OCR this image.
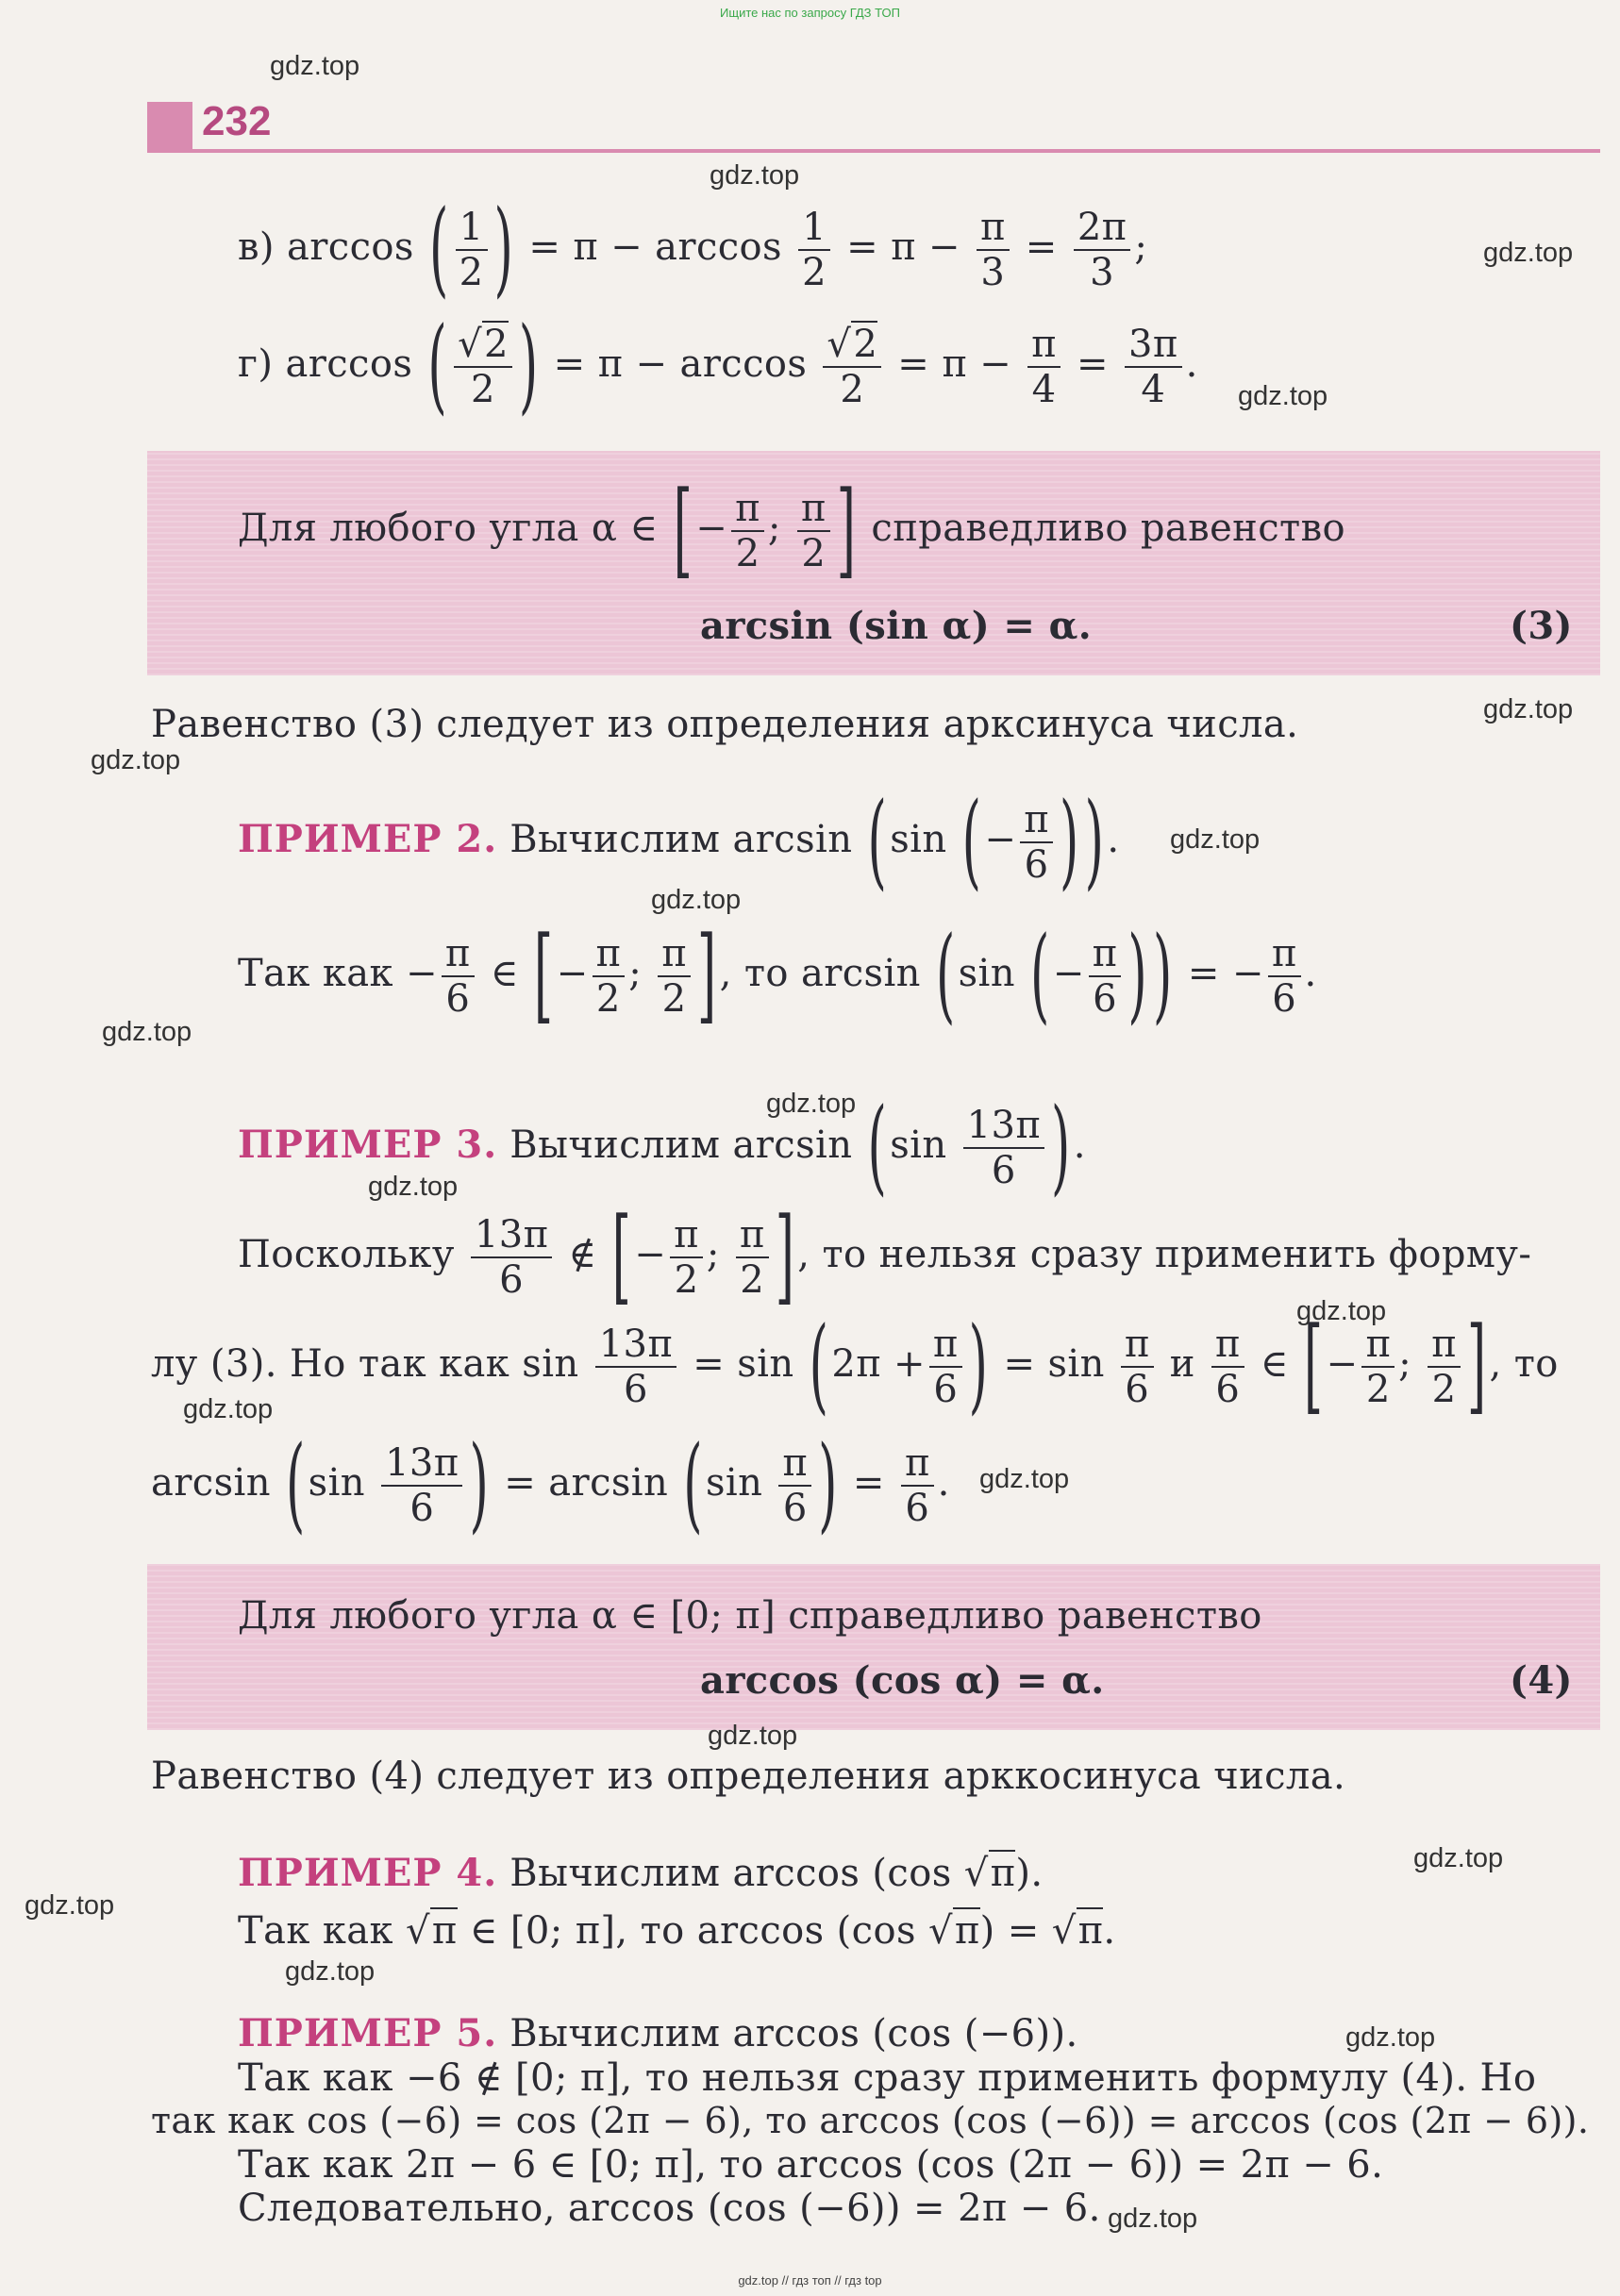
Ищите нас по запросу ГДЗ ТОП
232
в) arccos ( $\frac{1}{2}$ ) = $\pi - \arccos \frac{1}{2} = \pi - \frac{\pi}{3} = \frac{2\pi}{3}$ ;
г) arccos ( $\frac{√2}{2}$ ) = $\pi - \arccos \frac{√2}{2} = \pi - \frac{\pi}{4} = \frac{3\pi}{4}$ .
Для любого угла α ∈ [− $\frac{\pi}{2}$ ; $\frac{\pi}{2}$ ] справедливо равенство
arcsin (sin α) = α.	(3)
Равенство (3) следует из определения арксинуса числа.
ПРИМЕР 2. Вычислим arcsin (sin (− $\frac{\pi}{6}$ ) ).
Так как − $\frac{\pi}{6}$ ∈ [− $\frac{\pi}{2}$ ; $\frac{\pi}{2}$ ], то arcsin (sin (− $\frac{\pi}{6}$ ) ) = − $\frac{\pi}{6}$ .
ПРИМЕР 3. Вычислим $\arcsin (\sin \frac{13\pi}{6}$ ).
Поскольку $\frac{13\pi}{6}$ ∉ [− $\frac{\pi}{2}$ ; $\frac{\pi}{2}$ ], то нельзя сразу применить форму-
лу (3). Но так как $\sin \frac{13\pi}{6} = \sin (2\pi + \frac{\pi}{6}$ ) = $\sin \frac{\pi}{6}$ и $\frac{\pi}{6}$ ∈ [− $\frac{\pi}{2}$ ; $\frac{\pi}{2}$ ], то
$\arcsin (\sin \frac{13\pi}{6}$ ) = $\arcsin (\sin \frac{\pi}{6}$ ) = $\frac{\pi}{6}$ .
Для любого угла α ∈ [0; π] справедливо равенство
arccos (cos α) = α.	(4)
Равенство (4) следует из определения арккосинуса числа.
ПРИМЕР 4. Вычислим arccos (cos √π).
Так как √π ∈ [0; π], то arccos (cos √π) = √π.
ПРИМЕР 5. Вычислим arccos (cos (−6)).
Так как −6 ∉ [0; π], то нельзя сразу применить формулу (4). Но
так как cos (−6) = cos (2π − 6), то arccos (cos (−6)) = arccos (cos (2π − 6)).
Так как 2π − 6 ∈ [0; π], то arccos (cos (2π − 6)) = 2π − 6.
Следовательно, arccos (cos (−6)) = 2π − 6.
gdz.top
gdz.top
gdz.top
gdz.top
gdz.top
gdz.top
gdz.top
gdz.top
gdz.top
gdz.top
gdz.top
gdz.top
gdz.top
gdz.top
gdz.top
gdz.top
gdz.top
gdz.top
gdz.top
gdz.top
gdz.top // гдз топ // гдз top
